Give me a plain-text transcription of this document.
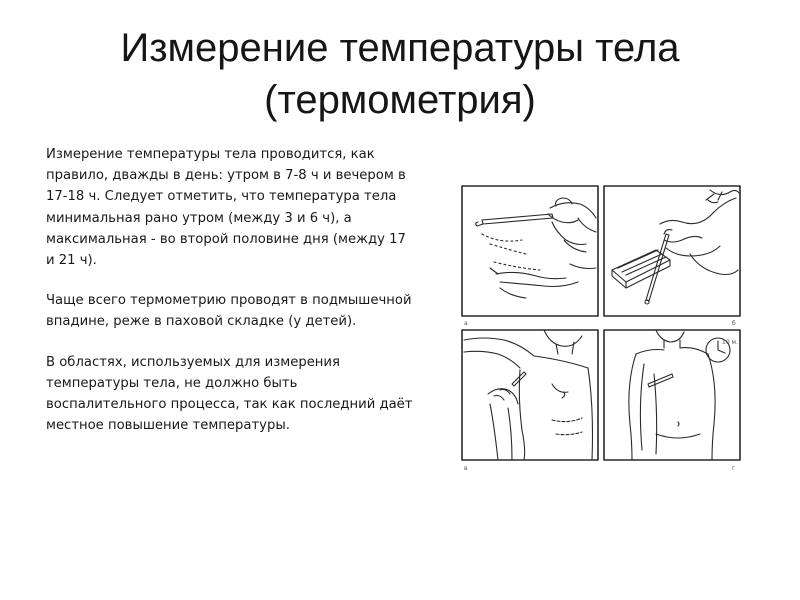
Измерение температуры тела
(термометрия)

Измерение температуры тела проводится, как правило, дважды в день: утром в 7-8 ч и вечером в 17-18 ч. Следует отметить, что температура тела минимальная рано утром (между 3 и 6 ч), а максимальная - во второй половине дня (между 17 и 21 ч).

Чаще всего термометрию проводят в подмышечной впадине, реже в паховой складке (у детей).

В областях, используемых для измерения температуры тела, не должно быть воспалительного процесса, так как последний даёт местное повышение температуры.

а	б
в	г
10 м.
